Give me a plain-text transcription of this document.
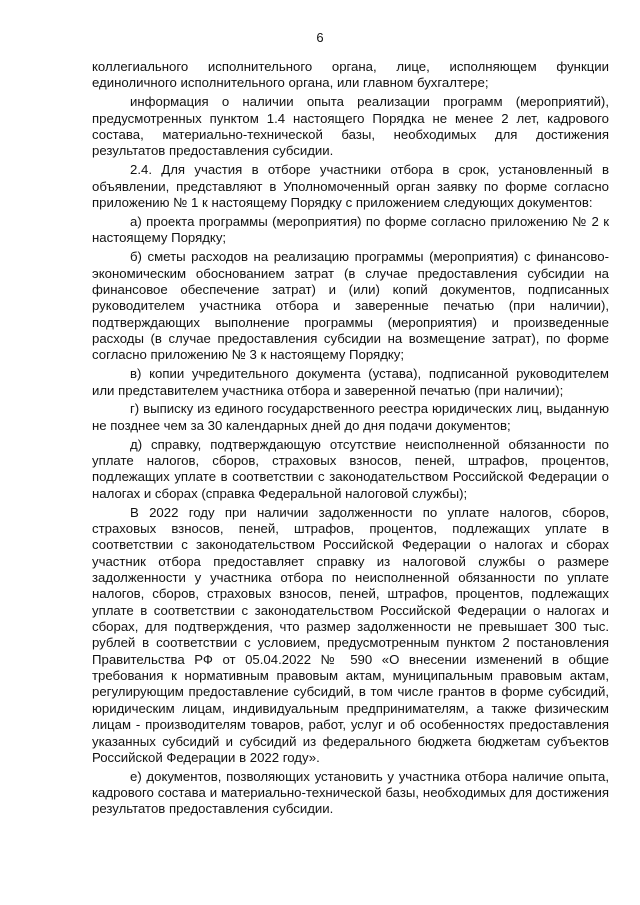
6

коллегиального исполнительного органа, лице, исполняющем функции единоличного исполнительного органа, или главном бухгалтере;

информация о наличии опыта реализации программ (мероприятий), предусмотренных пунктом 1.4 настоящего Порядка не менее 2 лет, кадрового состава, материально-технической базы, необходимых для достижения результатов предоставления субсидии.

2.4. Для участия в отборе участники отбора в срок, установленный в объявлении, представляют в Уполномоченный орган заявку по форме согласно приложению № 1 к настоящему Порядку с приложением следующих документов:

а) проекта программы (мероприятия) по форме согласно приложению № 2 к настоящему Порядку;

б) сметы расходов на реализацию программы (мероприятия) с финансово-экономическим обоснованием затрат (в случае предоставления субсидии на финансовое обеспечение затрат) и (или) копий документов, подписанных руководителем участника отбора и заверенные печатью (при наличии), подтверждающих выполнение программы (мероприятия) и произведенные расходы (в случае предоставления субсидии на возмещение затрат), по форме согласно приложению № 3 к настоящему Порядку;

в) копии учредительного документа (устава), подписанной руководителем или представителем участника отбора и заверенной печатью (при наличии);

г) выписку из единого государственного реестра юридических лиц, выданную не позднее чем за 30 календарных дней до дня подачи документов;

д) справку, подтверждающую отсутствие неисполненной обязанности по уплате налогов, сборов, страховых взносов, пеней, штрафов, процентов, подлежащих уплате в соответствии с законодательством Российской Федерации о налогах и сборах (справка Федеральной налоговой службы);

В 2022 году при наличии задолженности по уплате налогов, сборов, страховых взносов, пеней, штрафов, процентов, подлежащих уплате в соответствии с законодательством Российской Федерации о налогах и сборах участник отбора предоставляет справку из налоговой службы о размере задолженности у участника отбора по неисполненной обязанности по уплате налогов, сборов, страховых взносов, пеней, штрафов, процентов, подлежащих уплате в соответствии с законодательством Российской Федерации о налогах и сборах, для подтверждения, что размер задолженности не превышает 300 тыс. рублей в соответствии с условием, предусмотренным пунктом 2 постановления Правительства РФ от 05.04.2022 № 590 «О внесении изменений в общие требования к нормативным правовым актам, муниципальным правовым актам, регулирующим предоставление субсидий, в том числе грантов в форме субсидий, юридическим лицам, индивидуальным предпринимателям, а также физическим лицам - производителям товаров, работ, услуг и об особенностях предоставления указанных субсидий и субсидий из федерального бюджета бюджетам субъектов Российской Федерации в 2022 году».

е) документов, позволяющих установить у участника отбора наличие опыта, кадрового состава и материально-технической базы, необходимых для достижения результатов предоставления субсидии.
